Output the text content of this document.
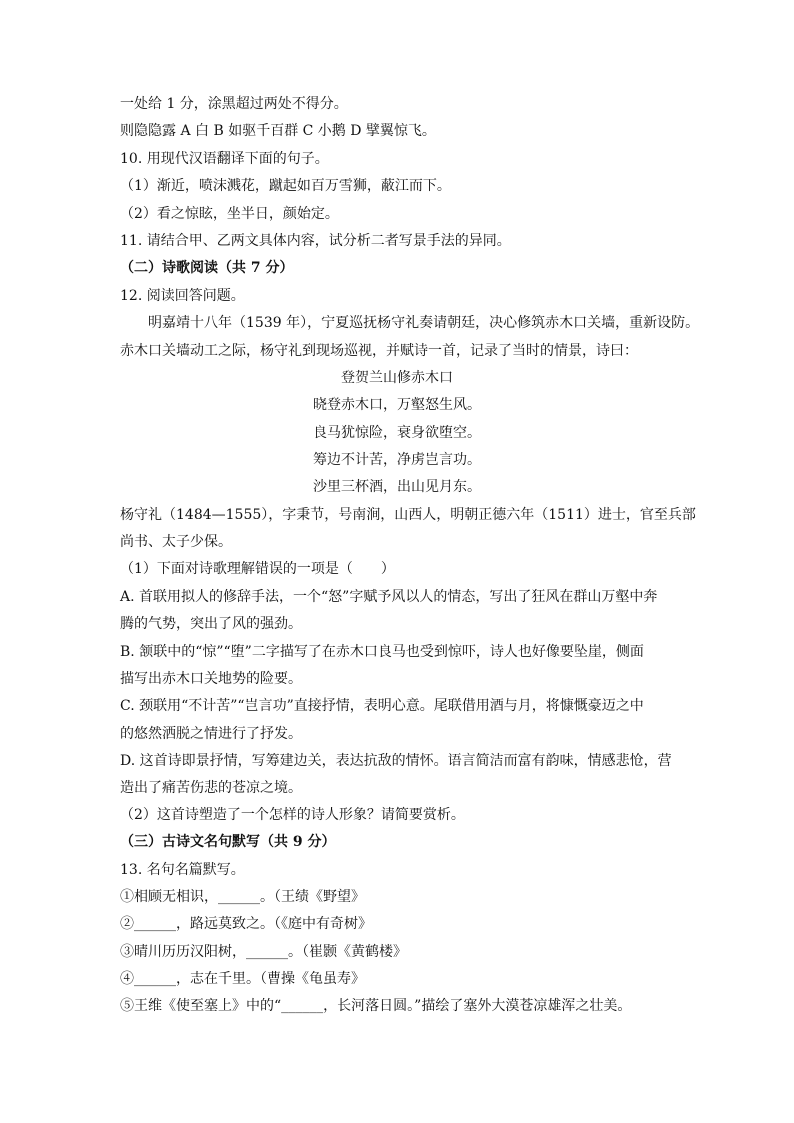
一处给 1 分，涂黑超过两处不得分。
则隐隐露 A 白 B 如驱千百群 C 小鹅 D 擘翼惊飞。
10. 用现代汉语翻译下面的句子。
（1）渐近，喷沫溅花，蹴起如百万雪狮，蔽江而下。
（2）看之惊眩，坐半日，颜始定。
11. 请结合甲、乙两文具体内容，试分析二者写景手法的异同。
（二）诗歌阅读（共 7 分）
12. 阅读回答问题。
明嘉靖十八年（1539 年），宁夏巡抚杨守礼奏请朝廷，决心修筑赤木口关墙，重新设防。
赤木口关墙动工之际，杨守礼到现场巡视，并赋诗一首，记录了当时的情景，诗曰：
登贺兰山修赤木口
晓登赤木口，万壑怒生风。
良马犹惊险，衰身欲堕空。
筹边不计苦，净虏岂言功。
沙里三杯酒，出山见月东。
杨守礼（1484—1555），字秉节，号南涧，山西人，明朝正德六年（1511）进士，官至兵部
尚书、太子少保。
（1）下面对诗歌理解错误的一项是（　　）
A. 首联用拟人的修辞手法，一个“怒”字赋予风以人的情态，写出了狂风在群山万壑中奔
腾的气势，突出了风的强劲。
B. 颔联中的“惊”“堕”二字描写了在赤木口良马也受到惊吓，诗人也好像要坠崖，侧面
描写出赤木口关地势的险要。
C. 颈联用“不计苦”“岂言功”直接抒情，表明心意。尾联借用酒与月，将慷慨豪迈之中
的悠然洒脱之情进行了抒发。
D. 这首诗即景抒情，写筹建边关，表达抗敌的情怀。语言简洁而富有韵味，情感悲怆，营
造出了痛苦伤悲的苍凉之境。
（2）这首诗塑造了一个怎样的诗人形象？请简要赏析。
（三）古诗文名句默写（共 9 分）
13. 名句名篇默写。
①相顾无相识，______。（王绩《野望》
②______，路远莫致之。（《庭中有奇树》
③晴川历历汉阳树，______。（崔颢《黄鹤楼》
④______，志在千里。（曹操《龟虽寿》
⑤王维《使至塞上》中的“______，长河落日圆。”描绘了塞外大漠苍凉雄浑之壮美。
